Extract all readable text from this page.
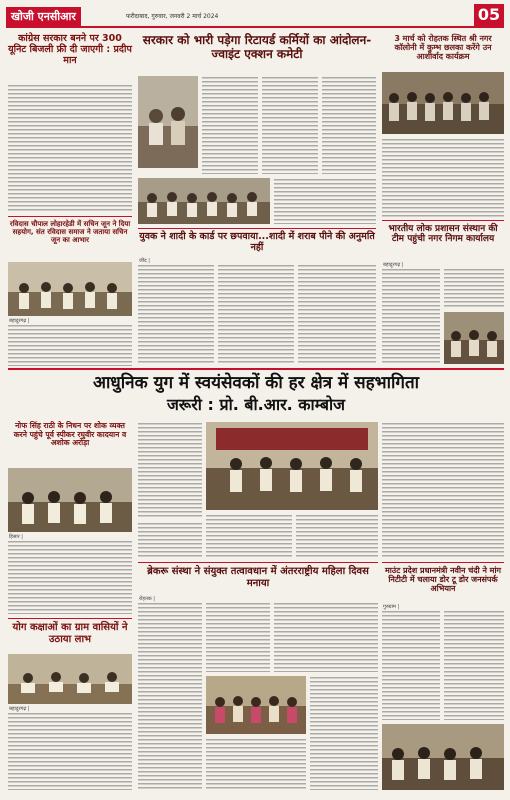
खोजी एनसीआर	फरीदाबाद, गुरुवार, जनवरी 2 मार्च 2024	05
कांग्रेस सरकार बनने पर 300 यूनिट बिजली फ्री दी जाएगी : प्रदीप मान
सरकार को भारी पड़ेगा रिटायर्ड कर्मियों का आंदोलन- ज्वाइंट एक्शन कमेटी
3 मार्च को रोहतक स्थित श्री नगर कॉलोनी में कुम्भ छलका करेंगे उन आशीर्वाद कार्यक्रम
रविदास चौपाल लोहारहेडी में सचिन जून ने दिया सहयोग, संत रविदास समाज ने जताया सचिन जून का आभार
बहादुरगढ़ |
युवक ने शादी के कार्ड पर छपवाया...शादी में शराब पीने की अनुमति नहीं
जींद |
भारतीय लोक प्रशासन संस्थान की टीम पहुंची नगर निगम कार्यालय
बहादुरगढ़ |
आधुनिक युग में स्वयंसेवकों की हर क्षेत्र में सहभागिता
जरूरी : प्रो. बी.आर. काम्बोज
नोफ सिंह राठी के निधन पर शोक व्यक्त करने पहुंचे पूर्व स्पीकर रघुवीर कादयान व अशोक अरोड़ा
हिसार |
ब्रेकरू संस्था ने संयुक्त तत्वावधान में अंतरराष्ट्रीय महिला दिवस मनाया
रोहतक |
माउंट प्रदेश प्रधानमंत्री नवीन चंदी ने मांग निटीटी में चलाया डोर टू डोर जनसंपर्क अभियान
गुरुग्राम |
योग कक्षाओं का ग्राम वासियों ने उठाया लाभ
बहादुरगढ़ |
